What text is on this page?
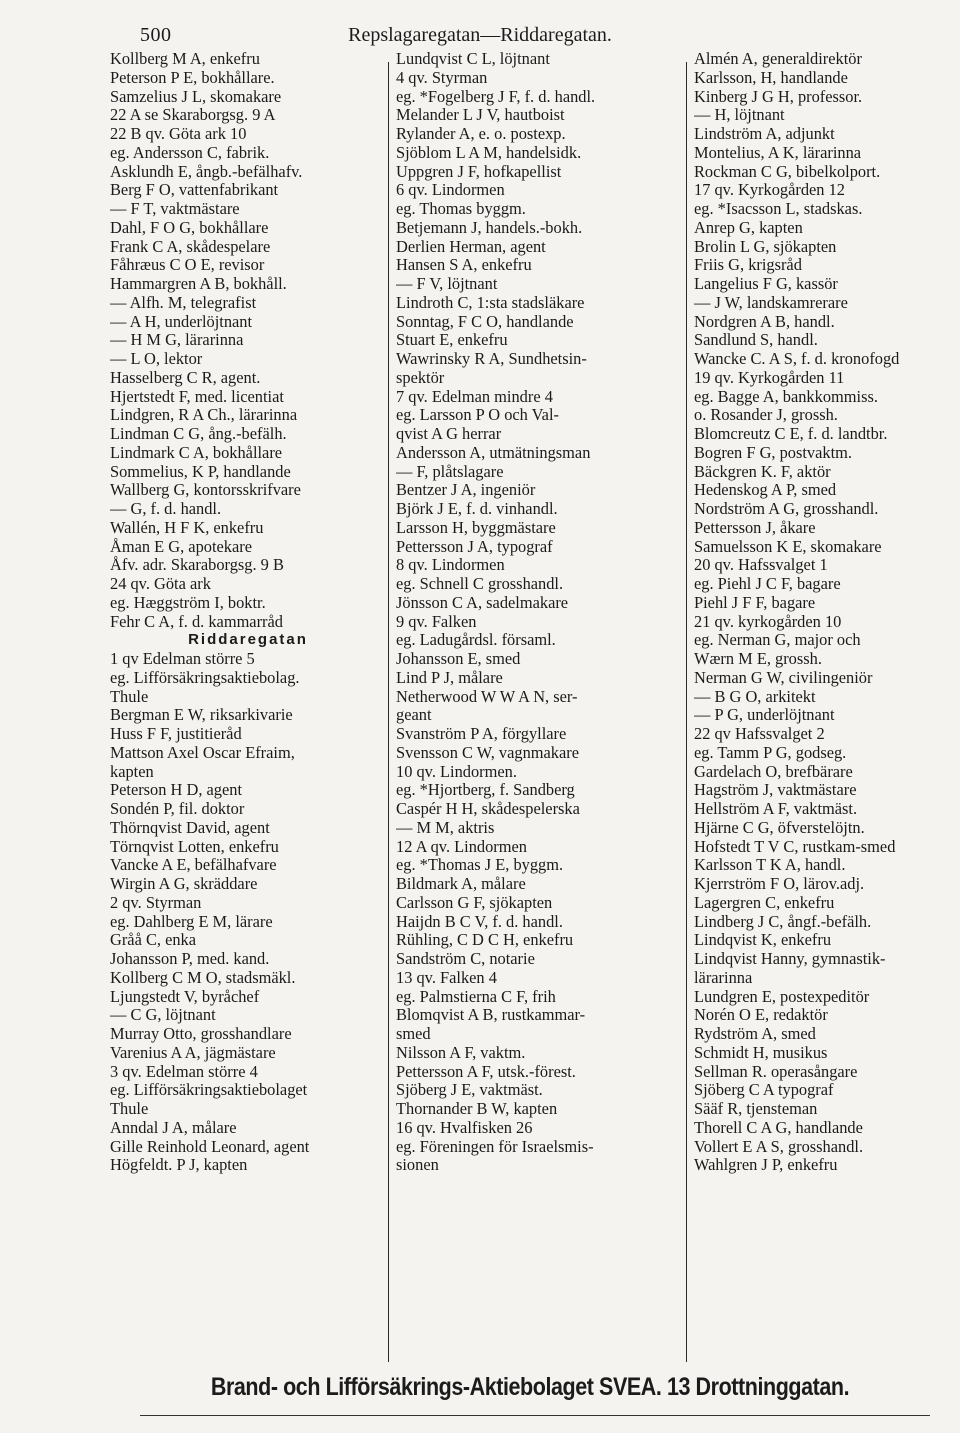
500	Repslagaregatan—Riddaregatan.
Kollberg M A, enkefru
Peterson P E, bokhållare.
Samzelius J L, skomakare
22 A se Skaraborgsg. 9 A
22 B qv. Göta ark 10
eg. Andersson C, fabrik.
Asklundh E, ångb.-befälhafv.
Berg F O, vattenfabrikant
— F T, vaktmästare
Dahl, F O G, bokhållare
Frank C A, skådespelare
Fåhræus C O E, revisor
Hammargren A B, bokhåll.
— Alfh. M, telegrafist
— A H, underlöjtnant
— H M G, lärarinna
— L O, lektor
Hasselberg C R, agent.
Hjertstedt F, med. licentiat
Lindgren, R A Ch., lärarinna
Lindman C G, ång.-befälh.
Lindmark C A, bokhållare
Sommelius, K P, handlande
Wallberg G, kontorsskrifvare
— G, f. d. handl.
Wallén, H F K, enkefru
Åman E G, apotekare
Åfv. adr. Skaraborgsg. 9 B
24 qv. Göta ark
eg. Hæggström I, boktr.
Fehr C A, f. d. kammarråd
Riddaregatan
1 qv Edelman större 5
eg. Lifförsäkringsaktiebolag.
Thule
Bergman E W, riksarkivarie
Huss F F, justitieråd
Mattson Axel Oscar Efraim,
kapten
Peterson H D, agent
Sondén P, fil. doktor
Thörnqvist David, agent
Törnqvist Lotten, enkefru
Vancke A E, befälhafvare
Wirgin A G, skräddare
2 qv. Styrman
eg. Dahlberg E M, lärare
Gråå C, enka
Johansson P, med. kand.
Kollberg C M O, stadsmäkl.
Ljungstedt V, byråchef
— C G, löjtnant
Murray Otto, grosshandlare
Varenius A A, jägmästare
3 qv. Edelman större 4
eg. Lifförsäkringsaktiebolaget
Thule
Anndal J A, målare
Gille Reinhold Leonard, agent
Högfeldt. P J, kapten
Lundqvist C L, löjtnant
4 qv. Styrman
eg. *Fogelberg J F, f. d. handl.
Melander L J V, hautboist
Rylander A, e. o. postexp.
Sjöblom L A M, handelsidk.
Uppgren J F, hofkapellist
6 qv. Lindormen
eg. Thomas byggm.
Betjemann J, handels.-bokh.
Derlien Herman, agent
Hansen S A, enkefru
— F V, löjtnant
Lindroth C, 1:sta stadsläkare
Sonntag, F C O, handlande
Stuart E, enkefru
Wawrinsky R A, Sundhetsin-
spektör
7 qv. Edelman mindre 4
eg. Larsson P O och Val-
qvist A G herrar
Andersson A, utmätningsman
— F, plåtslagare
Bentzer J A, ingeniör
Björk J E, f. d. vinhandl.
Larsson H, byggmästare
Pettersson J A, typograf
8 qv. Lindormen
eg. Schnell C grosshandl.
Jönsson C A, sadelmakare
9 qv. Falken
eg. Ladugårdsl. församl.
Johansson E, smed
Lind P J, målare
Netherwood W W A N, ser-
geant
Svanström P A, förgyllare
Svensson C W, vagnmakare
10 qv. Lindormen.
eg. *Hjortberg, f. Sandberg
Caspér H H, skådespelerska
— M M, aktris
12 A qv. Lindormen
eg. *Thomas J E, byggm.
Bildmark A, målare
Carlsson G F, sjökapten
Haijdn B C V, f. d. handl.
Rühling, C D C H, enkefru
Sandström C, notarie
13 qv. Falken 4
eg. Palmstierna C F, frih
Blomqvist A B, rustkammar-
smed
Nilsson A F, vaktm.
Pettersson A F, utsk.-förest.
Sjöberg J E, vaktmäst.
Thornander B W, kapten
16 qv. Hvalfisken 26
eg. Föreningen för Israelsmis-
sionen
Almén A, generaldirektör
Karlsson, H, handlande
Kinberg J G H, professor.
— H, löjtnant
Lindström A, adjunkt
Montelius, A K, lärarinna
Rockman C G, bibelkolport.
17 qv. Kyrkogården 12
eg. *Isacsson L, stadskas.
Anrep G, kapten
Brolin L G, sjökapten
Friis G, krigsråd
Langelius F G, kassör
— J W, landskamrerare
Nordgren A B, handl.
Sandlund S, handl.
Wancke C. A S, f. d. kronofogd
19 qv. Kyrkogården 11
eg. Bagge A, bankkommiss.
o. Rosander J, grossh.
Blomcreutz C E, f. d. landtbr.
Bogren F G, postvaktm.
Bäckgren K. F, aktör
Hedenskog A P, smed
Nordström A G, grosshandl.
Pettersson J, åkare
Samuelsson K E, skomakare
20 qv. Hafssvalget 1
eg. Piehl J C F, bagare
Piehl J F F, bagare
21 qv. kyrkogården 10
eg. Nerman G, major och
Wærn M E, grossh.
Nerman G W, civilingeniör
— B G O, arkitekt
— P G, underlöjtnant
22 qv Hafssvalget 2
eg. Tamm P G, godseg.
Gardelach O, brefbärare
Hagström J, vaktmästare
Hellström A F, vaktmäst.
Hjärne C G, öfverstelöjtn.
Hofstedt T V C, rustkam-smed
Karlsson T K A, handl.
Kjerrström F O, lärov.adj.
Lagergren C, enkefru
Lindberg J C, ångf.-befälh.
Lindqvist K, enkefru
Lindqvist Hanny, gymnastik-
lärarinna
Lundgren E, postexpeditör
Norén O E, redaktör
Rydström A, smed
Schmidt H, musikus
Sellman R. operasångare
Sjöberg C A typograf
Sääf R, tjensteman
Thorell C A G, handlande
Vollert E A S, grosshandl.
Wahlgren J P, enkefru
Brand- och Lifförsäkrings-Aktiebolaget SVEA. 13 Drottninggatan.
